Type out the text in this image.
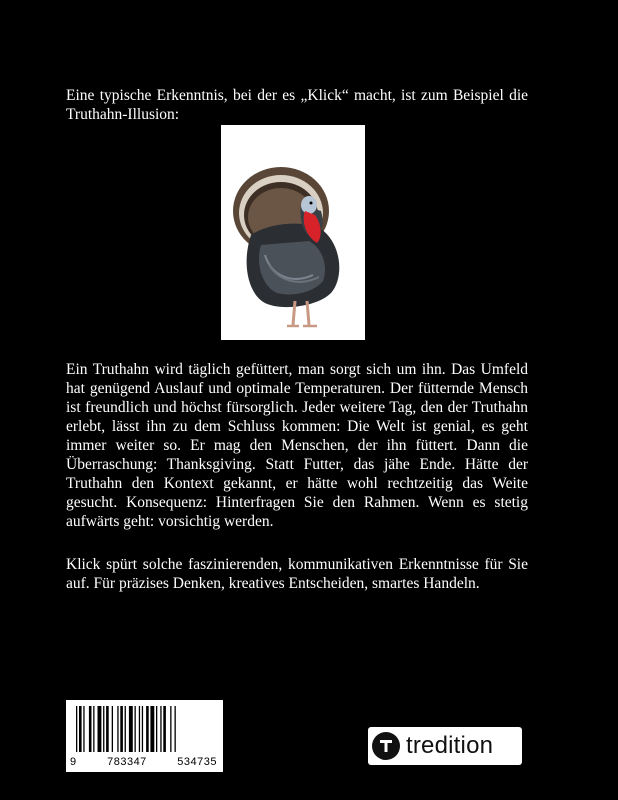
Eine typische Erkenntnis, bei der es „Klick“ macht, ist zum Beispiel die Truthahn-Illusion:

Ein Truthahn wird täglich gefüttert, man sorgt sich um ihn. Das Umfeld hat genügend Auslauf und optimale Temperaturen. Der fütternde Mensch ist freundlich und höchst fürsorglich. Jeder weitere Tag, den der Truthahn erlebt, lässt ihn zu dem Schluss kommen: Die Welt ist genial, es geht immer weiter so. Er mag den Menschen, der ihn füttert. Dann die Überraschung: Thanksgiving. Statt Futter, das jähe Ende. Hätte der Truthahn den Kontext gekannt, er hätte wohl rechtzeitig das Weite gesucht. Konsequenz: Hinterfragen Sie den Rahmen. Wenn es stetig aufwärts geht: vorsichtig werden.

Klick spürt solche faszinierenden, kommunikativen Erkenntnisse für Sie auf. Für präzises Denken, kreatives Entscheiden, smartes Handeln.

9	783347	534735
tredition
